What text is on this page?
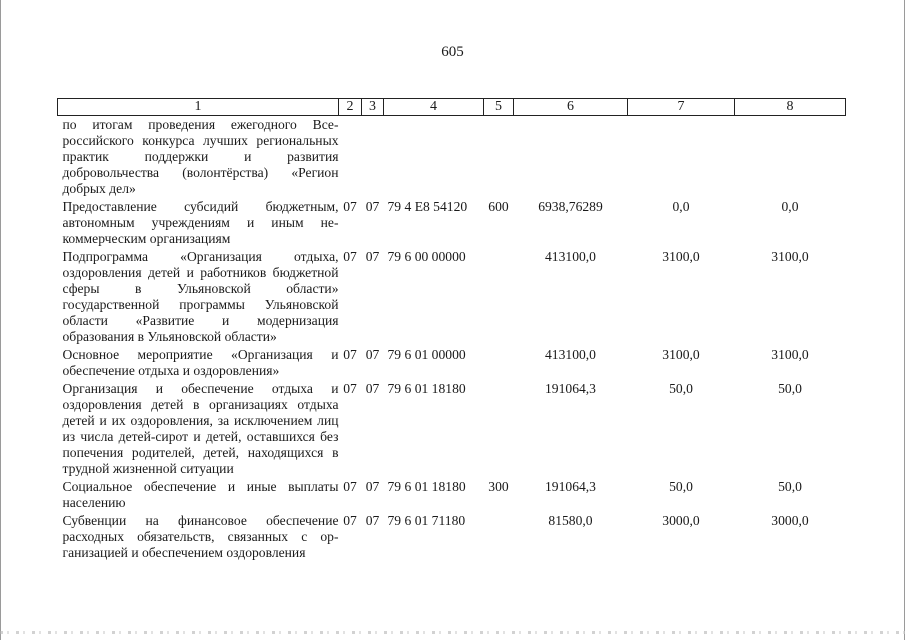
605
1	2	3	4	5	6	7	8
по итогам проведения ежегодного Всероссийского конкурса лучших региональных практик поддержки и развития добровольчества (волонтёрства) «Регион добрых дел»							
Предоставление субсидий бюджетным, автономным учреждениям и иным некоммерческим организациям	07	07	79 4 E8 54120	600	6938,76289	0,0	0,0
Подпрограмма «Организация отдыха, оздоровления детей и работников бюджетной сферы в Ульяновской области» государственной программы Ульяновской области «Развитие и модернизация образования в Ульяновской области»	07	07	79 6 00 00000		413100,0	3100,0	3100,0
Основное мероприятие «Организация и обеспечение отдыха и оздоровления»	07	07	79 6 01 00000		413100,0	3100,0	3100,0
Организация и обеспечение отдыха и оздоровления детей в организациях отдыха детей и их оздоровления, за исключением лиц из числа детей-сирот и детей, оставшихся без попечения родителей, детей, находящихся в трудной жизненной ситуации	07	07	79 6 01 18180		191064,3	50,0	50,0
Социальное обеспечение и иные выплаты населению	07	07	79 6 01 18180	300	191064,3	50,0	50,0
Субвенции на финансовое обеспечение расходных обязательств, связанных с организацией и обеспечением оздоровления	07	07	79 6 01 71180		81580,0	3000,0	3000,0
